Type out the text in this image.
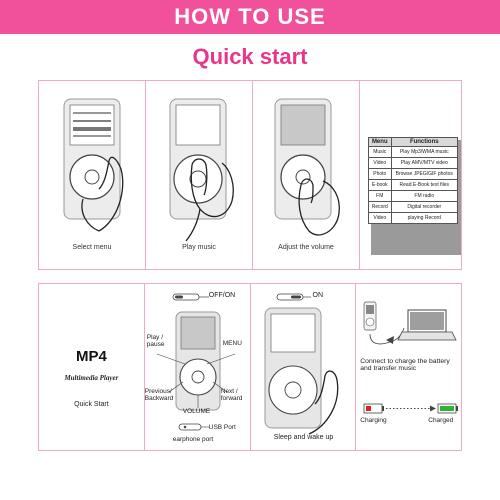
HOW TO USE
Quick start
Select menu	Play music	Adjust the volume
Menu	Functions
Music	Play Mp3/WMA music
Video	Play AMV/MTV video
Photo	Browse JPEG/GIF photos
E-book	Read E-Book text files
FM	FM radio
Record	Digital recorder
Video	playing Record
MP4
Multimedia Player
Quick Start
OFF/ON
Play / pause	MENU
Previous/ Backward
Next / forward
VOLUME
USB Port
earphone port
ON
Sleep and wake up
Connect to charge the battery and transfer music
Charging	Charged
